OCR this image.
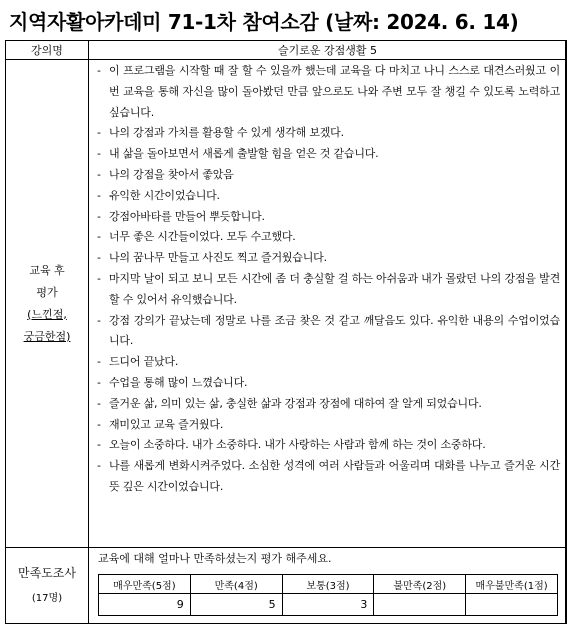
지역자활아카데미 71-1차 참여소감 (날짜: 2024. 6. 14)
강의명	슬기로운 강점생활 5

교육 후
평가
(느낀점,
궁금한점)

- 이 프로그램을 시작할 때 잘 할 수 있을까 했는데 교육을 다 마치고 나니 스스로 대견스러웠고 이번 교육을 통해 자신을 많이 돌아봤던 만큼 앞으로도 나와 주변 모두 잘 챙길 수 있도록 노력하고 싶습니다.
- 나의 강점과 가치를 활용할 수 있게 생각해 보겠다.
- 내 삶을 돌아보면서 새롭게 출발할 힘을 얻은 것 같습니다.
- 나의 강점을 찾아서 좋았음
- 유익한 시간이었습니다.
- 강점아바타를 만들어 뿌듯합니다.
- 너무 좋은 시간들이었다. 모두 수고했다.
- 나의 꿈나무 만들고 사진도 찍고 즐거웠습니다.
- 마지막 날이 되고 보니 모든 시간에 좀 더 충실할 걸 하는 아쉬움과 내가 몰랐던 나의 강점을 발견할 수 있어서 유익했습니다.
- 강점 강의가 끝났는데 정말로 나를 조금 찾은 것 같고 깨달음도 있다. 유익한 내용의 수업이었습니다.
- 드디어 끝났다.
- 수업을 통해 많이 느꼈습니다.
- 즐거운 삶, 의미 있는 삶, 충실한 삶과 강점과 장점에 대하여 잘 알게 되었습니다.
- 재미있고 교육 즐거웠다.
- 오늘이 소중하다. 내가 소중하다. 내가 사랑하는 사람과 함께 하는 것이 소중하다.
- 나를 새롭게 변화시켜주었다. 소심한 성격에 여러 사람들과 어울리며 대화를 나누고 즐거운 시간 뜻 깊은 시간이었습니다.

만족도조사
(17명)

교육에 대해 얼마나 만족하셨는지 평가 해주세요.
매우만족(5점)	만족(4점)	보통(3점)	불만족(2점)	매우불만족(1점)
9	5	3		
